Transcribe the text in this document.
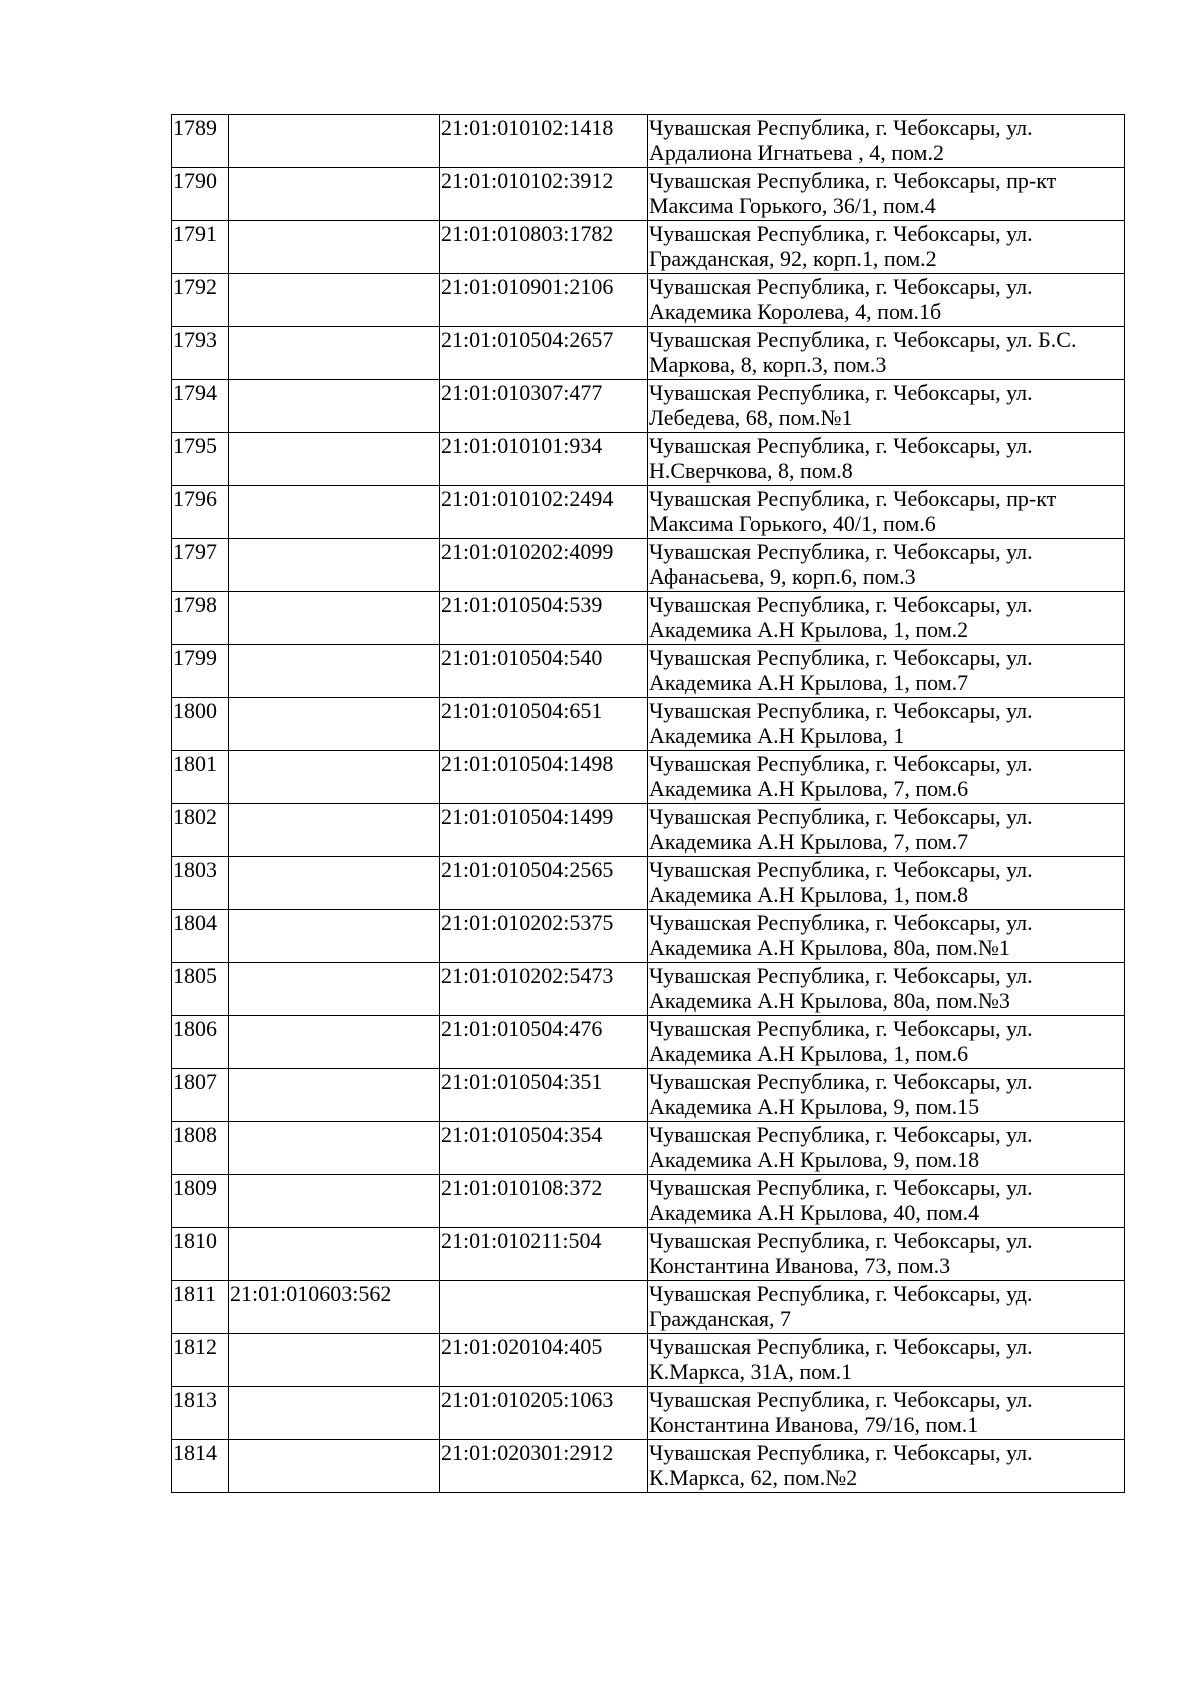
1789		21:01:010102:1418	Чувашская Республика, г. Чебоксары, ул. Ардалиона Игнатьева , 4, пом.2
1790		21:01:010102:3912	Чувашская Республика, г. Чебоксары, пр-кт Максима Горького, 36/1, пом.4
1791		21:01:010803:1782	Чувашская Республика, г. Чебоксары, ул. Гражданская, 92, корп.1, пом.2
1792		21:01:010901:2106	Чувашская Республика, г. Чебоксары, ул. Академика Королева, 4, пом.1б
1793		21:01:010504:2657	Чувашская Республика, г. Чебоксары, ул. Б.С. Маркова, 8, корп.3, пом.3
1794		21:01:010307:477	Чувашская Республика, г. Чебоксары, ул. Лебедева, 68, пом.№1
1795		21:01:010101:934	Чувашская Республика, г. Чебоксары, ул. Н.Сверчкова, 8, пом.8
1796		21:01:010102:2494	Чувашская Республика, г. Чебоксары, пр-кт Максима Горького, 40/1, пом.6
1797		21:01:010202:4099	Чувашская Республика, г. Чебоксары, ул. Афанасьева, 9, корп.6, пом.3
1798		21:01:010504:539	Чувашская Республика, г. Чебоксары, ул. Академика А.Н Крылова, 1, пом.2
1799		21:01:010504:540	Чувашская Республика, г. Чебоксары, ул. Академика А.Н Крылова, 1, пом.7
1800		21:01:010504:651	Чувашская Республика, г. Чебоксары, ул. Академика А.Н Крылова, 1
1801		21:01:010504:1498	Чувашская Республика, г. Чебоксары, ул. Академика А.Н Крылова, 7, пом.6
1802		21:01:010504:1499	Чувашская Республика, г. Чебоксары, ул. Академика А.Н Крылова, 7, пом.7
1803		21:01:010504:2565	Чувашская Республика, г. Чебоксары, ул. Академика А.Н Крылова, 1, пом.8
1804		21:01:010202:5375	Чувашская Республика, г. Чебоксары, ул. Академика А.Н Крылова, 80а, пом.№1
1805		21:01:010202:5473	Чувашская Республика, г. Чебоксары, ул. Академика А.Н Крылова, 80а, пом.№3
1806		21:01:010504:476	Чувашская Республика, г. Чебоксары, ул. Академика А.Н Крылова, 1, пом.6
1807		21:01:010504:351	Чувашская Республика, г. Чебоксары, ул. Академика А.Н Крылова, 9, пом.15
1808		21:01:010504:354	Чувашская Республика, г. Чебоксары, ул. Академика А.Н Крылова, 9, пом.18
1809		21:01:010108:372	Чувашская Республика, г. Чебоксары, ул. Академика А.Н Крылова, 40, пом.4
1810		21:01:010211:504	Чувашская Республика, г. Чебоксары, ул. Константина Иванова, 73, пом.3
1811	21:01:010603:562		Чувашская Республика, г. Чебоксары, уд. Гражданская, 7
1812		21:01:020104:405	Чувашская Республика, г. Чебоксары, ул. К.Маркса, 31А, пом.1
1813		21:01:010205:1063	Чувашская Республика, г. Чебоксары, ул. Константина Иванова, 79/16, пом.1
1814		21:01:020301:2912	Чувашская Республика, г. Чебоксары, ул. К.Маркса, 62, пом.№2
